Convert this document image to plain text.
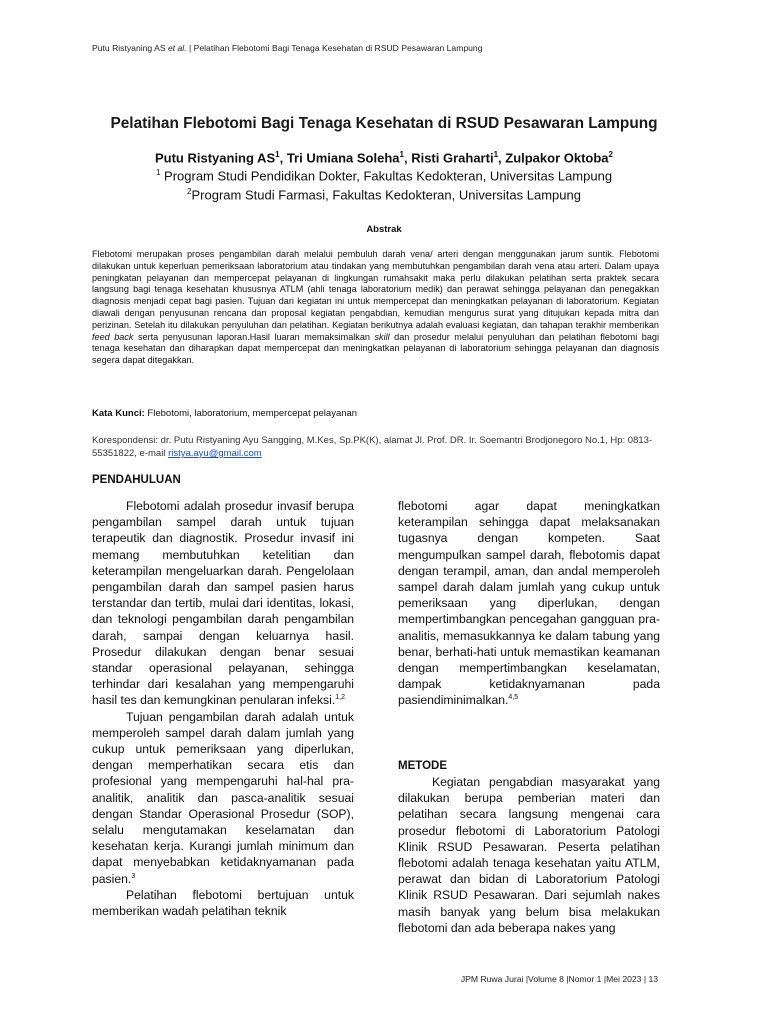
Putu Ristyaning AS et al. | Pelatihan Flebotomi Bagi Tenaga Kesehatan di RSUD Pesawaran Lampung
Pelatihan Flebotomi Bagi Tenaga Kesehatan di RSUD Pesawaran Lampung
Putu Ristyaning $AS^1$, Tri Umiana Soleha$^1$, Risti Graharti$^1$, Zulpakor Oktoba$^2$
$^1$ Program Studi Pendidikan Dokter, Fakultas Kedokteran, Universitas Lampung
$^2$Program Studi Farmasi, Fakultas Kedokteran, Universitas Lampung
Abstrak

Flebotomi merupakan proses pengambilan darah melalui pembuluh darah vena/ arteri dengan menggunakan jarum suntik. Flebotomi dilakukan untuk keperluan pemeriksaan laboratorium atau tindakan yang membutuhkan pengambilan darah vena atau arteri. Dalam upaya peningkatan pelayanan dan mempercepat pelayanan di lingkungan rumahsakit maka perlu dilakukan pelatihan serta praktek secara langsung bagi tenaga kesehatan khususnya ATLM (ahli tenaga laboratorium medik) dan perawat sehingga pelayanan dan penegakkan diagnosis menjadi cepat bagi pasien. Tujuan dari kegiatan ini untuk mempercepat dan meningkatkan pelayanan di laboratorium. Kegiatan diawali dengan penyusunan rencana dan proposal kegiatan pengabdian, kemudian mengurus surat yang ditujukan kepada mitra dan perizinan. Setelah itu dilakukan penyuluhan dan pelatihan. Kegiatan berikutnya adalah evaluasi kegiatan, dan tahapan terakhir memberikan feed back serta penyusunan laporan.Hasil luaran memaksimalkan skill dan prosedur melalui penyuluhan dan pelatihan flebotomi bagi tenaga kesehatan dan diharapkan dapat mempercepat dan meningkatkan pelayanan di laboratorium sehingga pelayanan dan diagnosis segera dapat ditegakkan.

Kata Kunci: Flebotomi, laboratorium, mempercepat pelayanan

Korespondensi: dr. Putu Ristyaning Ayu Sangging, M.Kes, Sp.PK(K), alamat Jl. Prof. DR. Ir. Soemantri Brodjonegoro No.1, Hp: 0813-55351822, e-mail ristya.ayu@gmail.com

PENDAHULUAN

Flebotomi adalah prosedur invasif berupa pengambilan sampel darah untuk tujuan terapeutik dan diagnostik. Prosedur invasif ini memang membutuhkan ketelitian dan keterampilan mengeluarkan darah. Pengelolaan pengambilan darah dan sampel pasien harus terstandar dan tertib, mulai dari identitas, lokasi, dan teknologi pengambilan darah pengambilan darah, sampai dengan keluarnya hasil. Prosedur dilakukan dengan benar sesuai standar operasional pelayanan, sehingga terhindar dari kesalahan yang mempengaruhi hasil tes dan kemungkinan penularan infeksi.$^{1,2}$

Tujuan pengambilan darah adalah untuk memperoleh sampel darah dalam jumlah yang cukup untuk pemeriksaan yang diperlukan, dengan memperhatikan secara etis dan profesional yang mempengaruhi hal-hal pra-analitik, analitik dan pasca-analitik sesuai dengan Standar Operasional Prosedur (SOP), selalu mengutamakan keselamatan dan kesehatan kerja. Kurangi jumlah minimum dan dapat menyebabkan ketidaknyamanan pada pasien.$^3$

Pelatihan flebotomi bertujuan untuk memberikan wadah pelatihan teknik

flebotomi agar dapat meningkatkan keterampilan sehingga dapat melaksanakan tugasnya dengan kompeten. Saat mengumpulkan sampel darah, flebotomis dapat dengan terampil, aman, dan andal memperoleh sampel darah dalam jumlah yang cukup untuk pemeriksaan yang diperlukan, dengan mempertimbangkan pencegahan gangguan pra-analitis, memasukkannya ke dalam tabung yang benar, berhati-hati untuk memastikan keamanan dengan mempertimbangkan keselamatan, dampak ketidaknyamanan pada pasiendiminimalkan.$^{4,5}$

METODE

Kegiatan pengabdian masyarakat yang dilakukan berupa pemberian materi dan pelatihan secara langsung mengenai cara prosedur flebotomi di Laboratorium Patologi Klinik RSUD Pesawaran. Peserta pelatihan flebotomi adalah tenaga kesehatan yaitu ATLM, perawat dan bidan di Laboratorium Patologi Klinik RSUD Pesawaran. Dari sejumlah nakes masih banyak yang belum bisa melakukan flebotomi dan ada beberapa nakes yang

JPM Ruwa Jurai |Volume 8 |Nomor 1 |Mei 2023 | 13
